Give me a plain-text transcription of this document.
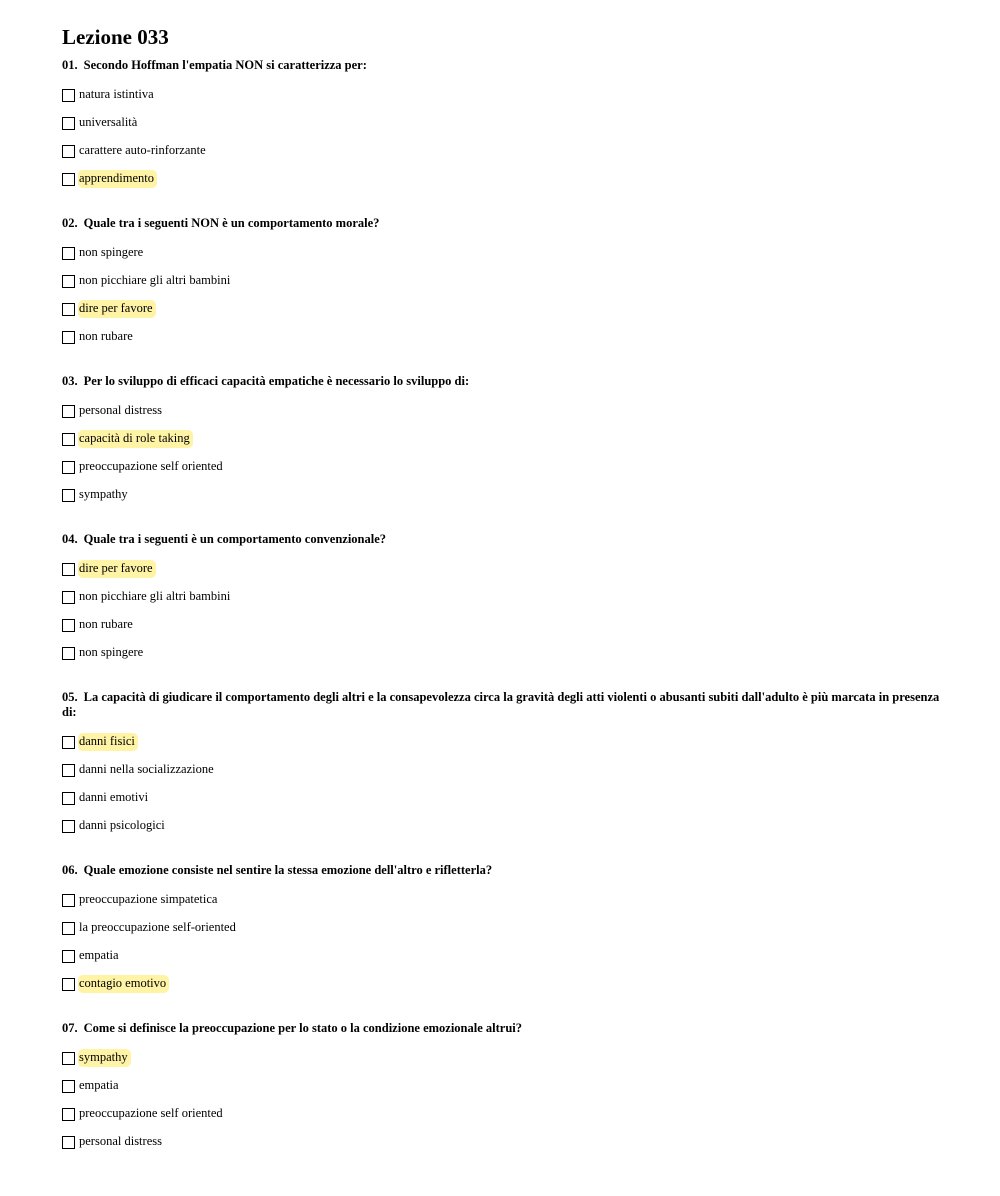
Lezione 033
01. Secondo Hoffman l'empatia NON si caratterizza per:
natura istintiva
universalità
carattere auto-rinforzante
apprendimento
02. Quale tra i seguenti NON è un comportamento morale?
non spingere
non picchiare gli altri bambini
dire per favore
non rubare
03. Per lo sviluppo di efficaci capacità empatiche è necessario lo sviluppo di:
personal distress
capacità di role taking
preoccupazione self oriented
sympathy
04. Quale tra i seguenti è un comportamento convenzionale?
dire per favore
non picchiare gli altri bambini
non rubare
non spingere
05. La capacità di giudicare il comportamento degli altri e la consapevolezza circa la gravità degli atti violenti o abusanti subiti dall'adulto è più marcata in presenza di:
danni fisici
danni nella socializzazione
danni emotivi
danni psicologici
06. Quale emozione consiste nel sentire la stessa emozione dell'altro e rifletterla?
preoccupazione simpatetica
la preoccupazione self-oriented
empatia
contagio emotivo
07. Come si definisce la preoccupazione per lo stato o la condizione emozionale altrui?
sympathy
empatia
preoccupazione self oriented
personal distress
